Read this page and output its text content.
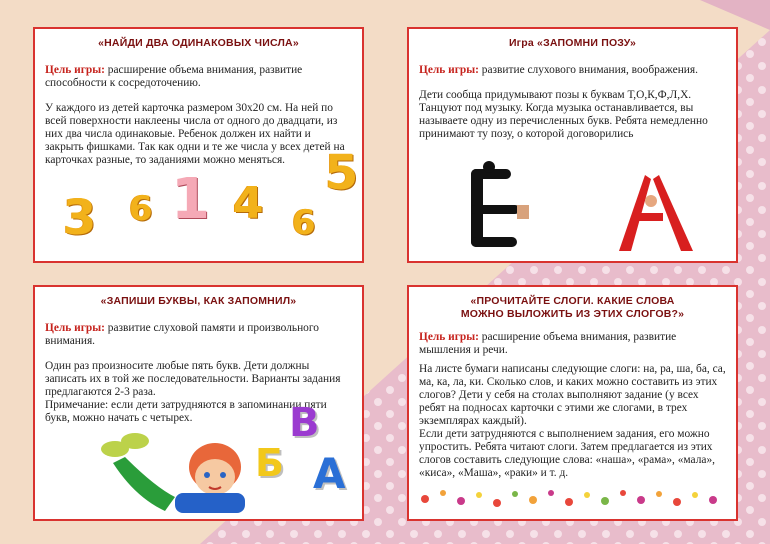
«НАЙДИ ДВА ОДИНАКОВЫХ ЧИСЛА»

Цель игры: расширение объема внимания, развитие способности к сосредоточению.

У каждого из детей карточка размером 30х20 см. На ней по всей поверхности наклеены числа от одного до двадцати, из них два числа одинаковые. Ребенок должен их найти и закрыть фишками. Так как одни и те же числа у всех детей на карточках разные, то заданиями можно меняться.

3 6 1 4 6
5
Игра «ЗАПОМНИ ПОЗУ»

Цель игры: развитие слухового внимания, воображения.

Дети сообща придумывают позы к буквам Т,О,К,Ф,Л,Х. Танцуют под музыку. Когда музыка останавливается, вы называете одну из перечисленных букв. Ребята немедленно принимают ту позу, о которой договорились

«ЗАПИШИ БУКВЫ, КАК ЗАПОМНИЛ»

Цель игры: развитие слуховой памяти и произвольного внимания.

Один раз произносите любые пять букв. Дети должны записать их в той же последовательности. Варианты задания предлагаются 2-3 раза.

Примечание: если дети затрудняются в запоминании пяти букв, можно начать с четырех.	В
Б А
«ПРОЧИТАЙТЕ СЛОГИ. КАКИЕ СЛОВА
МОЖНО ВЫЛОЖИТЬ ИЗ ЭТИХ СЛОГОВ?»

Цель игры: расширение объема внимания, развитие мышления и речи.

На листе бумаги написаны следующие слоги: на, ра, ша, ба, са, ма, ка, ла, ки. Сколько слов, и каких можно составить из этих слогов? Дети у себя на столах выполняют задание (у всех ребят на подносах карточки с этими же слогами, в трех экземплярах каждый).

Если дети затрудняются с выполнением задания, его можно упростить. Ребята читают слоги. Затем предлагается из этих слогов составить следующие слова: «наша», «рама», «мала», «киса», «Маша», «раки» и т. д.
